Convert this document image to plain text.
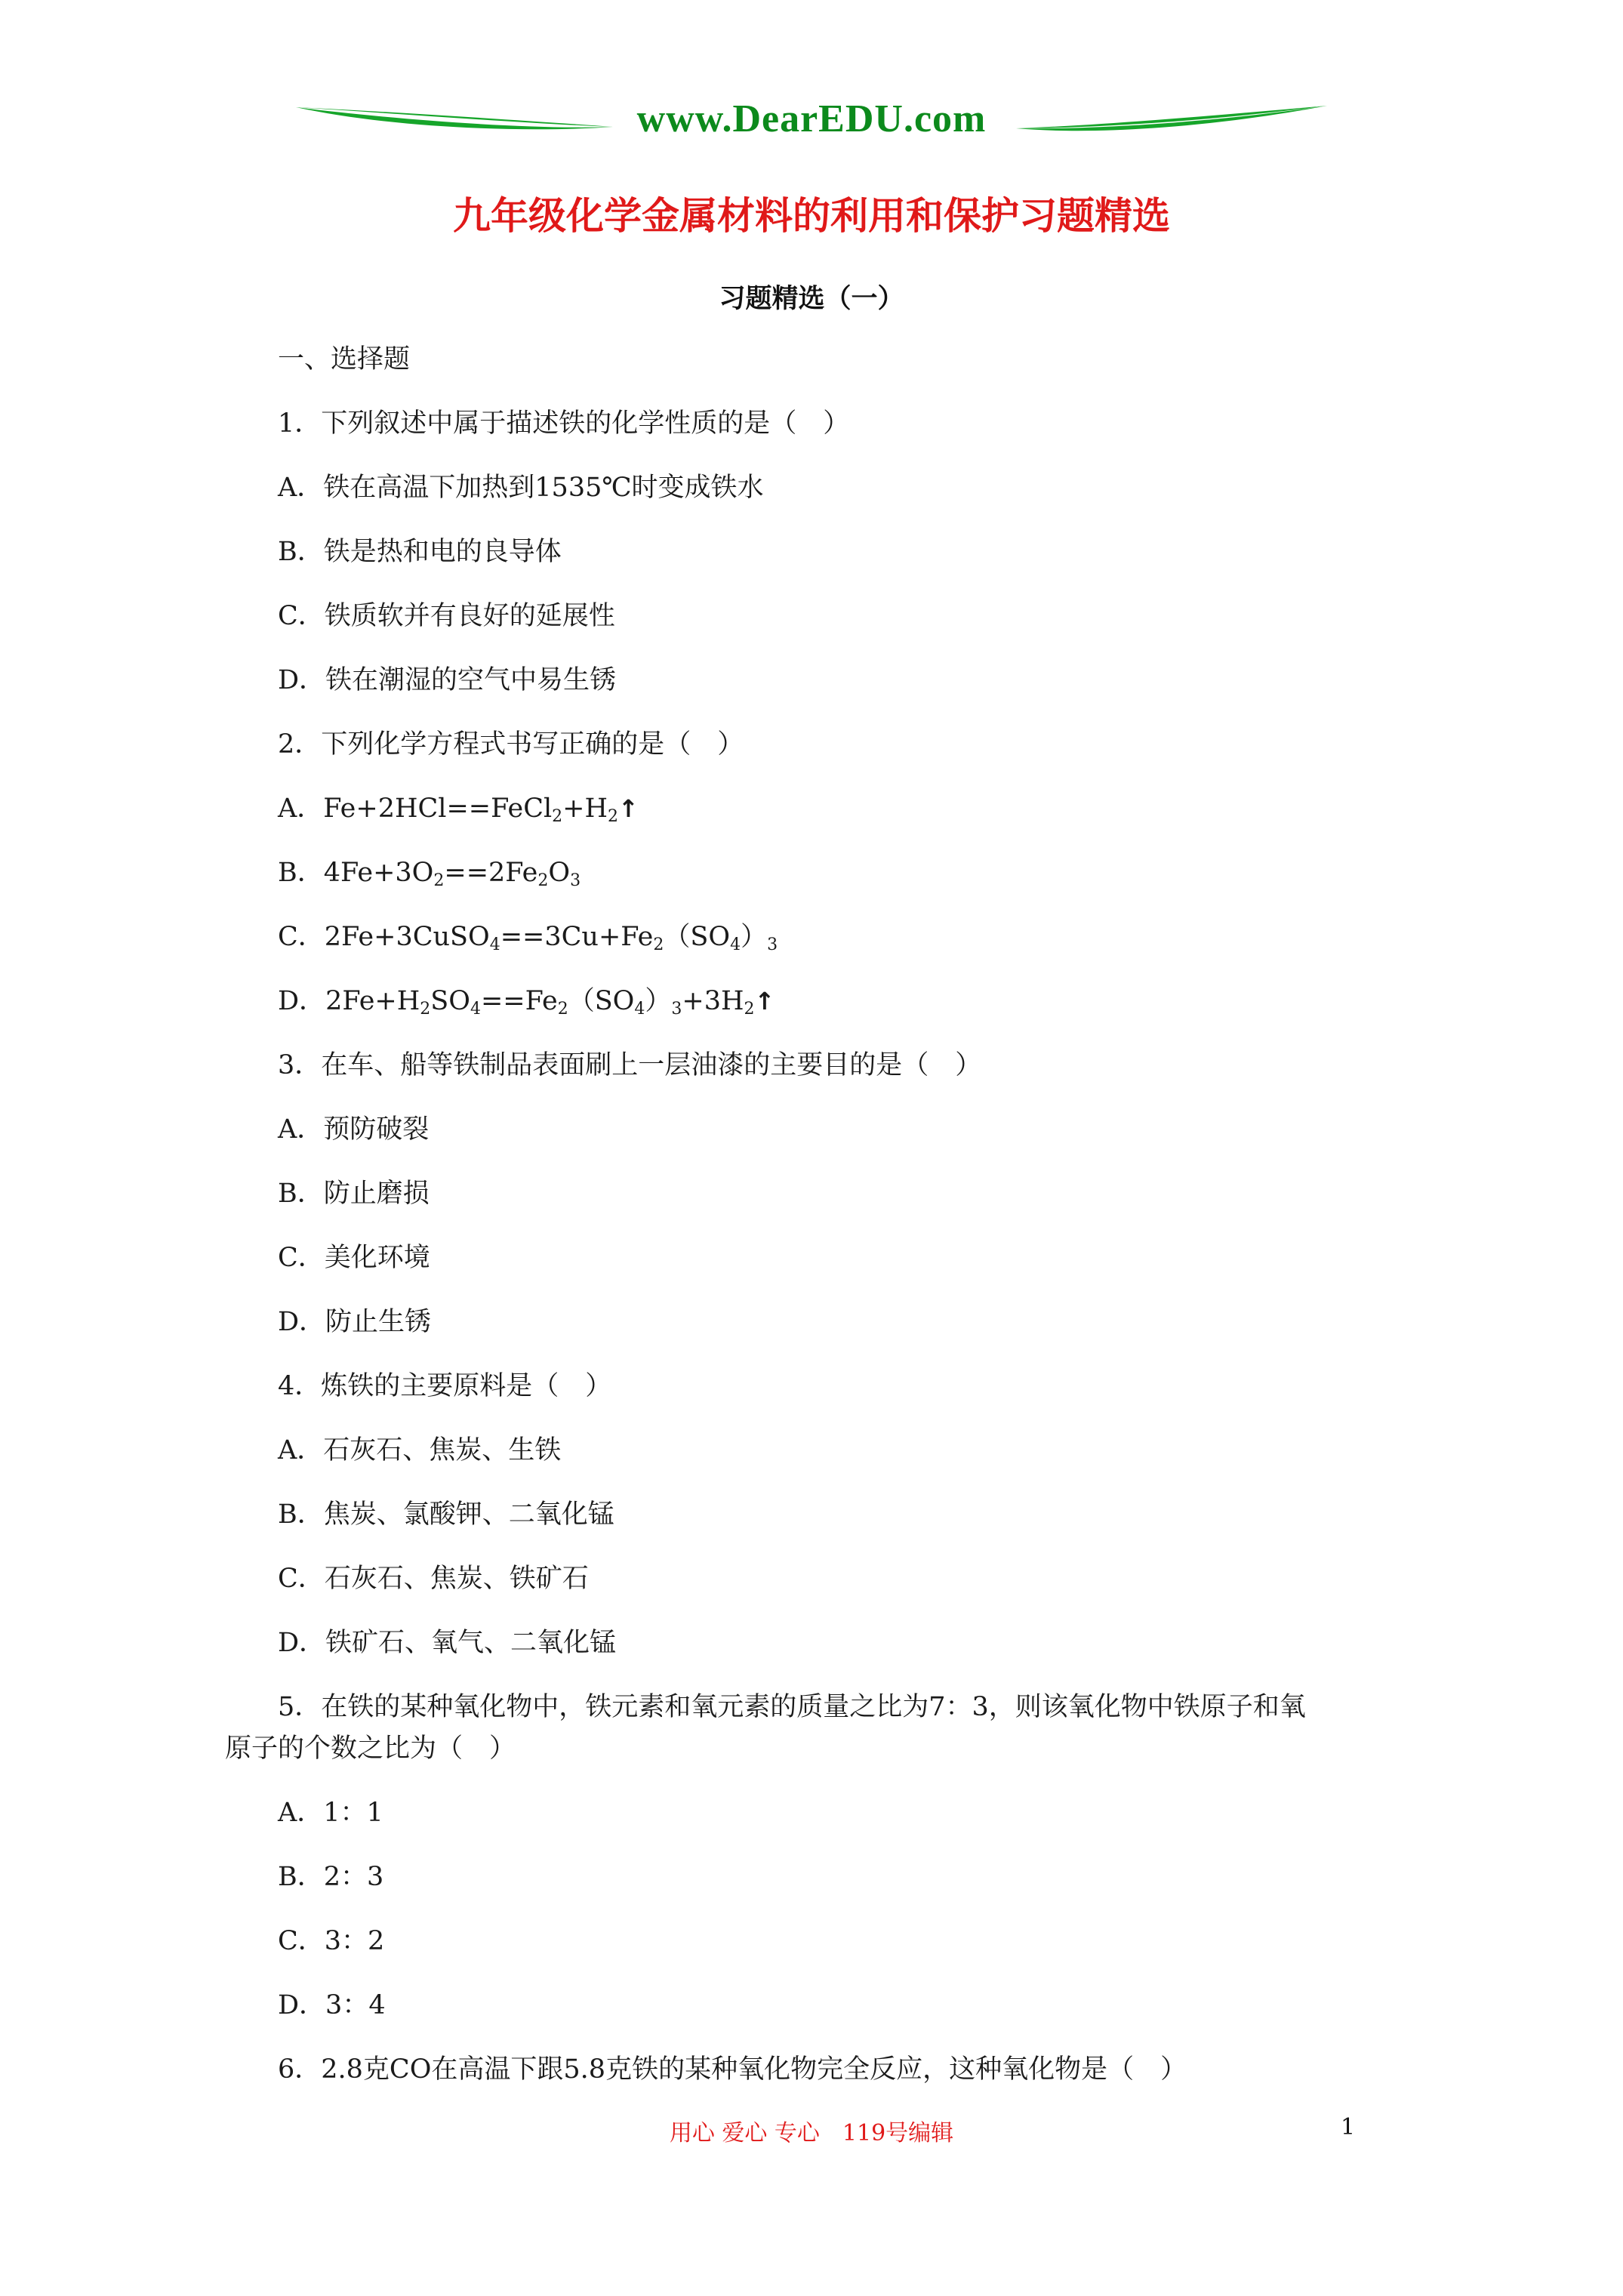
www.DearEDU.com
九年级化学金属材料的利用和保护习题精选
习题精选（一）
一、选择题
1．下列叙述中属于描述铁的化学性质的是（　）
A．铁在高温下加热到1535℃时变成铁水
B．铁是热和电的良导体
C．铁质软并有良好的延展性
D．铁在潮湿的空气中易生锈
2．下列化学方程式书写正确的是（　）
A．$Fe+2HCl==FeCl_2+H_2↑$
B．$4Fe+3O_2==2Fe_2O_3$
C．$2Fe+3CuSO_4==3Cu+Fe_2(SO_4)_3$
D．$2Fe+H_2SO_4==Fe_2(SO_4)_3+3H_2↑$
3．在车、船等铁制品表面刷上一层油漆的主要目的是（　）
A．预防破裂
B．防止磨损
C．美化环境
D．防止生锈
4．炼铁的主要原料是（　）
A．石灰石、焦炭、生铁
B．焦炭、氯酸钾、二氧化锰
C．石灰石、焦炭、铁矿石
D．铁矿石、氧气、二氧化锰
5．在铁的某种氧化物中，铁元素和氧元素的质量之比为7：3，则该氧化物中铁原子和氧
原子的个数之比为（　）
A．1：1
B．2：3
C．3：2
D．3：4
6．2.8克CO在高温下跟5.8克铁的某种氧化物完全反应，这种氧化物是（　）
用心 爱心 专心　119号编辑	1
